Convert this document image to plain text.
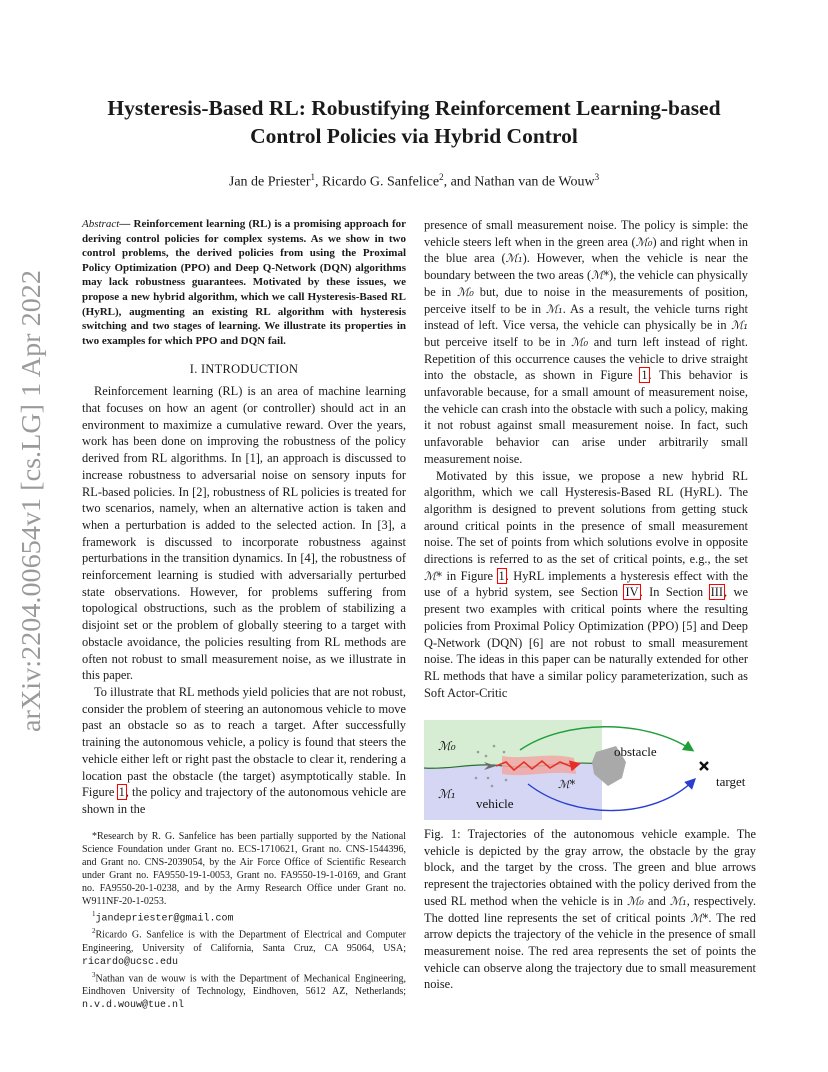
arXiv:2204.00654v1 [cs.LG] 1 Apr 2022
Hysteresis-Based RL: Robustifying Reinforcement Learning-based
Control Policies via Hybrid Control

Jan de Priester$^1$, Ricardo G. Sanfelice$^2$, and Nathan van de Wouw$^3$

Abstract— Reinforcement learning (RL) is a promising approach for deriving control policies for complex systems. As we show in two control problems, the derived policies from using the Proximal Policy Optimization (PPO) and Deep Q-Network (DQN) algorithms may lack robustness guarantees. Motivated by these issues, we propose a new hybrid algorithm, which we call Hysteresis-Based RL (HyRL), augmenting an existing RL algorithm with hysteresis switching and two stages of learning. We illustrate its properties in two examples for which PPO and DQN fail.

I. INTRODUCTION

Reinforcement learning (RL) is an area of machine learning that focuses on how an agent (or controller) should act in an environment to maximize a cumulative reward. Over the years, work has been done on improving the robustness of the policy derived from RL algorithms. In [1], an approach is discussed to increase robustness to adversarial noise on sensory inputs for RL-based policies. In [2], robustness of RL policies is treated for two scenarios, namely, when an alternative action is taken and when a perturbation is added to the selected action. In [3], a framework is discussed to incorporate robustness against perturbations in the transition dynamics. In [4], the robustness of reinforcement learning is studied with adversarially perturbed state observations. However, for problems suffering from topological obstructions, such as the problem of stabilizing a disjoint set or the problem of globally steering to a target with obstacle avoidance, the policies resulting from RL methods are often not robust to small measurement noise, as we illustrate in this paper.

To illustrate that RL methods yield policies that are not robust, consider the problem of steering an autonomous vehicle to move past an obstacle so as to reach a target. After successfully training the autonomous vehicle, a policy is found that steers the vehicle either left or right past the obstacle to clear it, rendering a location past the obstacle (the target) asymptotically stable. In Figure 1, the policy and trajectory of the autonomous vehicle are shown in the

*Research by R. G. Sanfelice has been partially supported by the National Science Foundation under Grant no. ECS-1710621, Grant no. CNS-1544396, and Grant no. CNS-2039054, by the Air Force Office of Scientific Research under Grant no. FA9550-19-1-0053, Grant no. FA9550-19-1-0169, and Grant no. FA9550-20-1-0238, and by the Army Research Office under Grant no. W911NF-20-1-0253.

$^1$jandepriester@gmail.com

$^2$Ricardo G. Sanfelice is with the Department of Electrical and Computer Engineering, University of California, Santa Cruz, CA 95064, USA; ricardo@ucsc.edu

$^3$Nathan van de wouw is with the Department of Mechanical Engineering, Eindhoven University of Technology, Eindhoven, 5612 AZ, Netherlands; n.v.d.wouw@tue.nl

presence of small measurement noise. The policy is simple: the vehicle steers left when in the green area (ℳ₀) and right when in the blue area (ℳ₁). However, when the vehicle is near the boundary between the two areas (ℳ*), the vehicle can physically be in ℳ₀ but, due to noise in the measurements of position, perceive itself to be in ℳ₁. As a result, the vehicle turns right instead of left. Vice versa, the vehicle can physically be in ℳ₁ but perceive itself to be in ℳ₀ and turn left instead of right. Repetition of this occurrence causes the vehicle to drive straight into the obstacle, as shown in Figure 1. This behavior is unfavorable because, for a small amount of measurement noise, the vehicle can crash into the obstacle with such a policy, making it not robust against small measurement noise. In fact, such unfavorable behavior can arise under arbitrarily small measurement noise.

Motivated by this issue, we propose a new hybrid RL algorithm, which we call Hysteresis-Based RL (HyRL). The algorithm is designed to prevent solutions from getting stuck around critical points in the presence of small measurement noise. The set of points from which solutions evolve in opposite directions is referred to as the set of critical points, e.g., the set ℳ* in Figure 1. HyRL implements a hysteresis effect with the use of a hybrid system, see Section IV. In Section III, we present two examples with critical points where the resulting policies from Proximal Policy Optimization (PPO) [5] and Deep Q-Network (DQN) [6] are not robust to small measurement noise. The ideas in this paper can be naturally extended for other RL methods that have a similar policy parameterization, such as Soft Actor-Critic

ℳ₀
ℳ₁
ℳ*
obstacle
vehicle
target

Fig. 1: Trajectories of the autonomous vehicle example. The vehicle is depicted by the gray arrow, the obstacle by the gray block, and the target by the cross. The green and blue arrows represent the trajectories obtained with the policy derived from the used RL method when the vehicle is in ℳ₀ and ℳ₁, respectively. The dotted line represents the set of critical points ℳ*. The red arrow depicts the trajectory of the vehicle in the presence of small measurement noise. The red area represents the set of points the vehicle can observe along the trajectory due to small measurement noise.
